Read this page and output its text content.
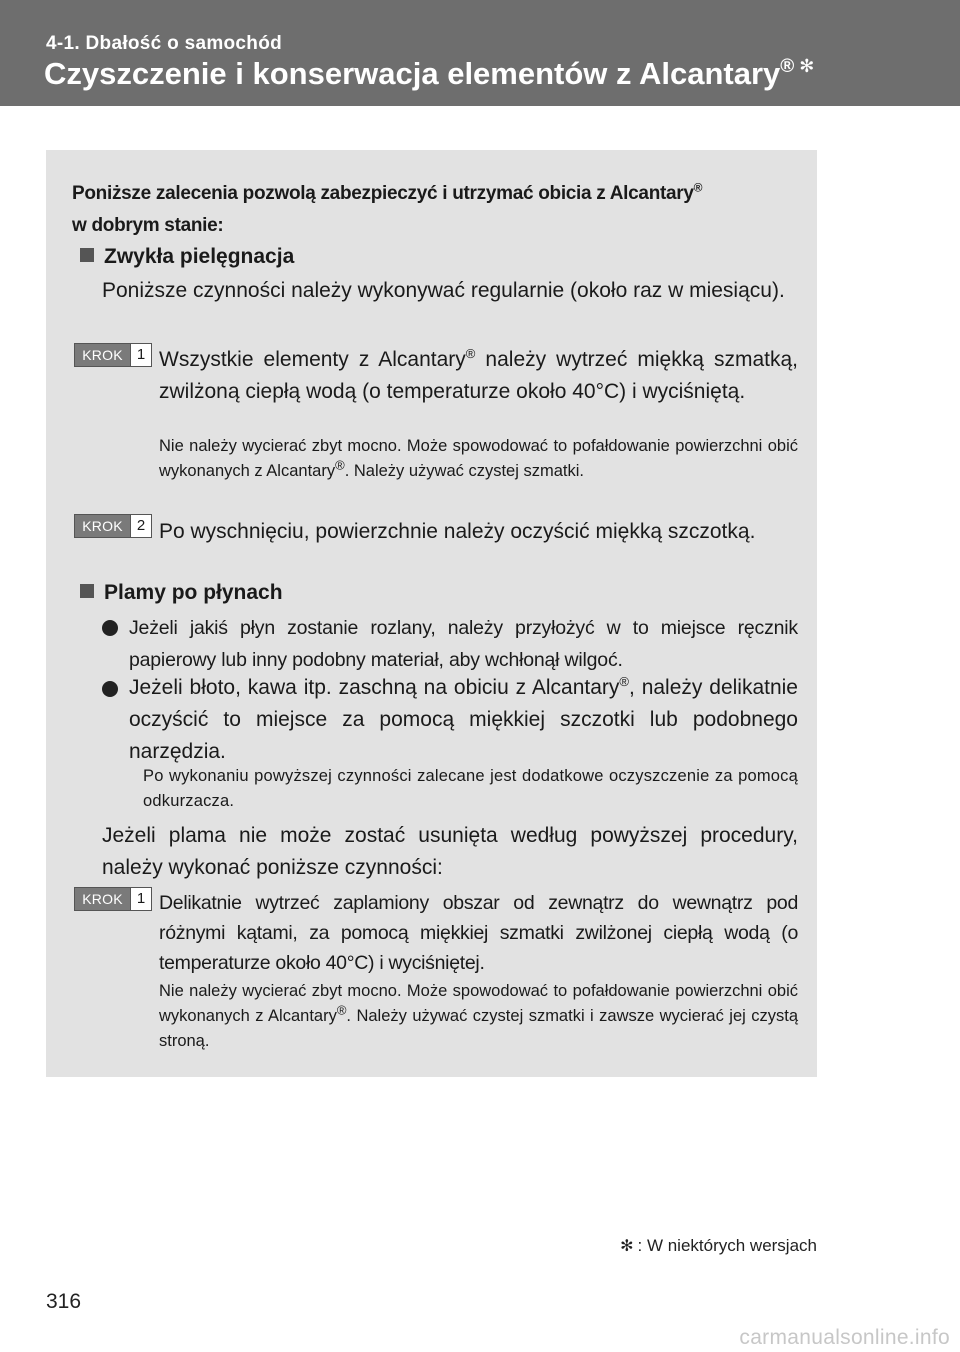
4-1. Dbałość o samochód
Czyszczenie i konserwacja elementów z Alcantary® ✻
Poniższe zalecenia pozwolą zabezpieczyć i utrzymać obicia z Alcantary®
w dobrym stanie:
Zwykła pielęgnacja
Poniższe czynności należy wykonywać regularnie (około raz w miesiącu).
KROK 1 Wszystkie elementy z Alcantary® należy wytrzeć miękką szmatką, zwilżoną ciepłą wodą (o temperaturze około 40°C) i wyciśniętą.
Nie należy wycierać zbyt mocno. Może spowodować to pofałdowanie powierzchni obić wykonanych z Alcantary®. Należy używać czystej szmatki.
KROK 2 Po wyschnięciu, powierzchnie należy oczyścić miękką szczotką.
Plamy po płynach
Jeżeli jakiś płyn zostanie rozlany, należy przyłożyć w to miejsce ręcznik papierowy lub inny podobny materiał, aby wchłonął wilgoć.
Jeżeli błoto, kawa itp. zaschną na obiciu z Alcantary®, należy delikatnie oczyścić to miejsce za pomocą miękkiej szczotki lub podobnego narzędzia.
Po wykonaniu powyższej czynności zalecane jest dodatkowe oczyszczenie za pomocą odkurzacza.
Jeżeli plama nie może zostać usunięta według powyższej procedury, należy wykonać poniższe czynności:
KROK 1 Delikatnie wytrzeć zaplamiony obszar od zewnątrz do wewnątrz pod różnymi kątami, za pomocą miękkiej szmatki zwilżonej ciepłą wodą (o temperaturze około 40°C) i wyciśniętej.
Nie należy wycierać zbyt mocno. Może spowodować to pofałdowanie powierzchni obić wykonanych z Alcantary®. Należy używać czystej szmatki i zawsze wycierać jej czystą stroną.
✻ : W niektórych wersjach
316
carmanualsonline.info
